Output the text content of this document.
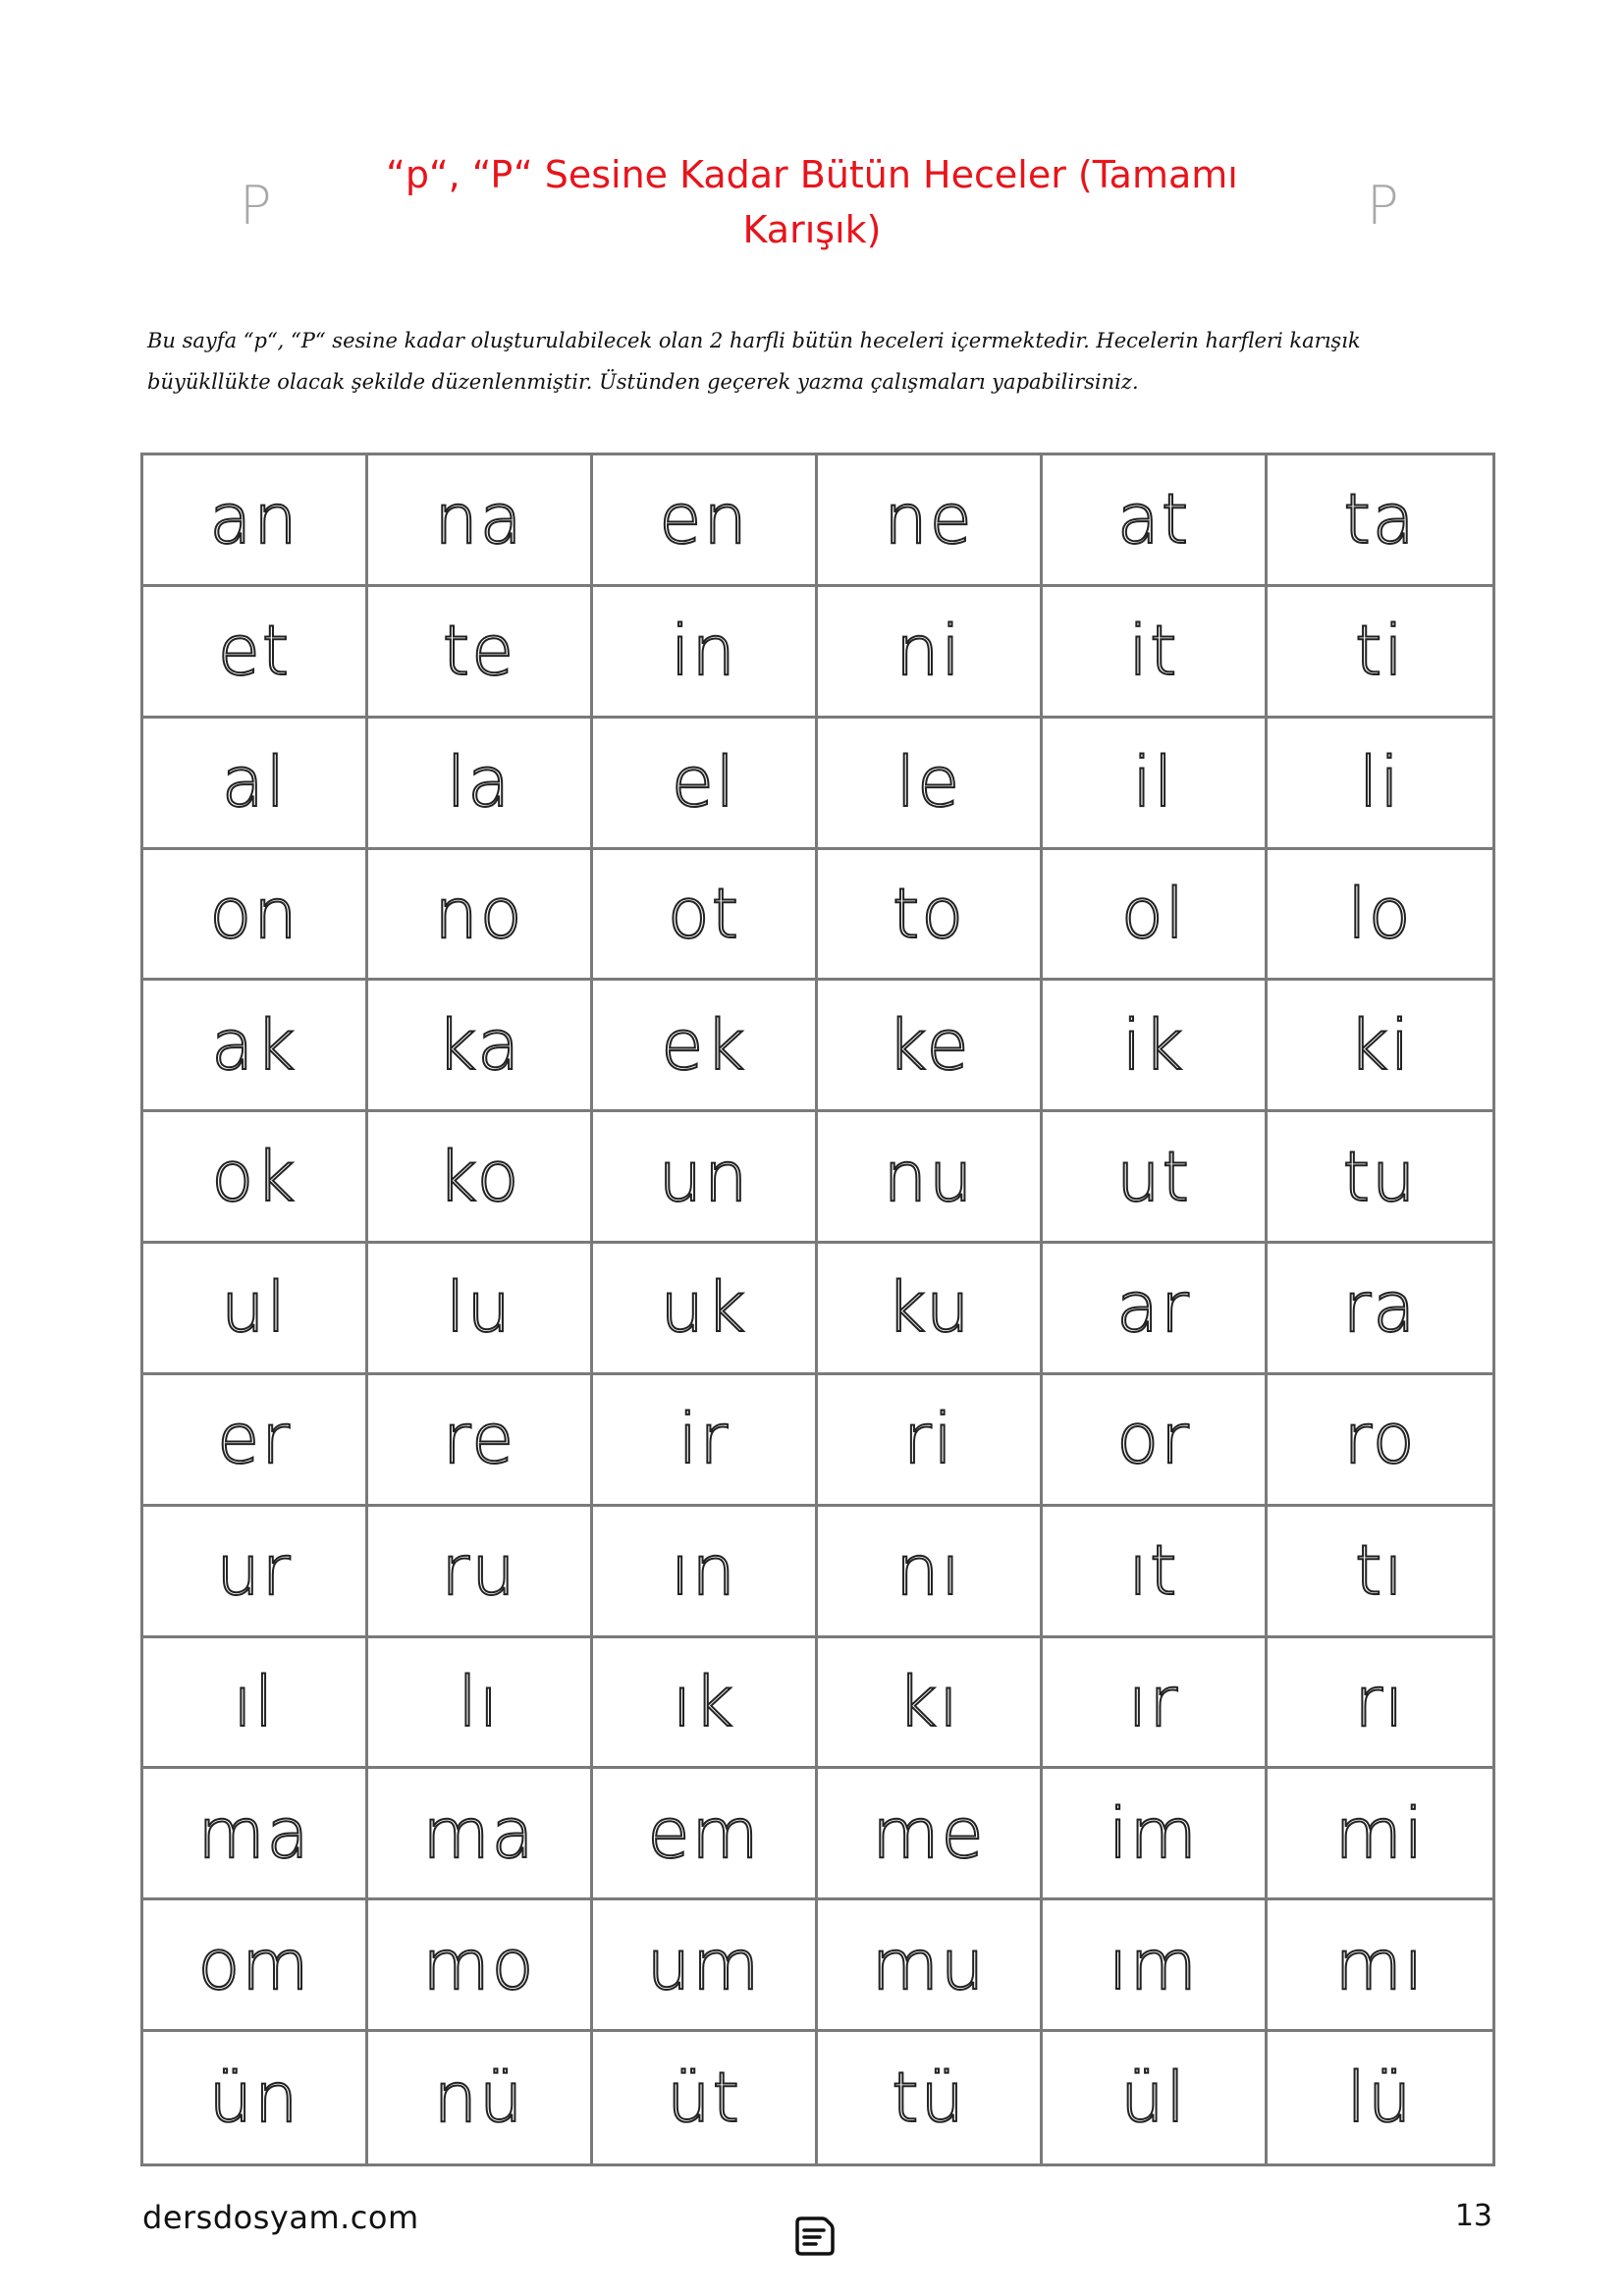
P	P
“p“, “P“ Sesine Kadar Bütün Heceler (Tamamı
Karışık)
Bu sayfa “p“, “P“ sesine kadar oluşturulabilecek olan 2 harfli bütün heceleri içermektedir. Hecelerin harfleri karışık
büyükllükte olacak şekilde düzenlenmiştir. Üstünden geçerek yazma çalışmaları yapabilirsiniz.
an na en ne at ta
et te in ni it	ti
al la el le il	li
on no ot to ol lo
ak ka ek ke ik ki
ok ko un nu ut tu
ul lu uk ku ar ra
er re ir	ri or ro
ur ru ın nı ıt	tı
ıl	lı	ık kı ır	rı
ma ma em me im mi
om mo um mu ım mı
ün nü üt tü ül lü
dersdosyam.com	13
